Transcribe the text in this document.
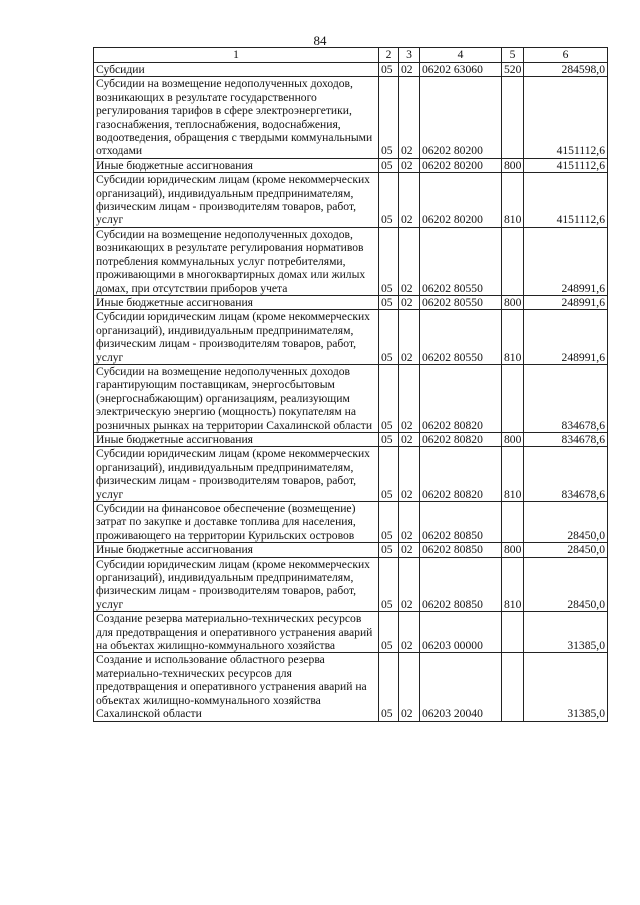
84
1	2	3	4	5	6
Субсидии	05	02	06202 63060	520	284598,0
Субсидии на возмещение недополученных доходов, возникающих в результате государственного регулирования тарифов в сфере электроэнергетики, газоснабжения, теплоснабжения, водоснабжения, водоотведения, обращения с твердыми коммунальными отходами	05	02	06202 80200		4151112,6
Иные бюджетные ассигнования	05	02	06202 80200	800	4151112,6
Субсидии юридическим лицам (кроме некоммерческих организаций), индивидуальным предпринимателям, физическим лицам - производителям товаров, работ, услуг	05	02	06202 80200	810	4151112,6
Субсидии на возмещение недополученных доходов, возникающих в результате регулирования нормативов потребления коммунальных услуг потребителями, проживающими в многоквартирных домах или жилых домах, при отсутствии приборов учета	05	02	06202 80550		248991,6
Иные бюджетные ассигнования	05	02	06202 80550	800	248991,6
Субсидии юридическим лицам (кроме некоммерческих организаций), индивидуальным предпринимателям, физическим лицам - производителям товаров, работ, услуг	05	02	06202 80550	810	248991,6
Субсидии на возмещение недополученных доходов гарантирующим поставщикам, энергосбытовым (энергоснабжающим) организациям, реализующим электрическую энергию (мощность) покупателям на розничных рынках на территории Сахалинской области	05	02	06202 80820		834678,6
Иные бюджетные ассигнования	05	02	06202 80820	800	834678,6
Субсидии юридическим лицам (кроме некоммерческих организаций), индивидуальным предпринимателям, физическим лицам - производителям товаров, работ, услуг	05	02	06202 80820	810	834678,6
Субсидии на финансовое обеспечение (возмещение) затрат по закупке и доставке топлива для населения, проживающего на территории Курильских островов	05	02	06202 80850		28450,0
Иные бюджетные ассигнования	05	02	06202 80850	800	28450,0
Субсидии юридическим лицам (кроме некоммерческих организаций), индивидуальным предпринимателям, физическим лицам - производителям товаров, работ, услуг	05	02	06202 80850	810	28450,0
Создание резерва материально-технических ресурсов для предотвращения и оперативного устранения аварий на объектах жилищно-коммунального хозяйства	05	02	06203 00000		31385,0
Создание и использование областного резерва материально-технических ресурсов для предотвращения и оперативного устранения аварий на объектах жилищно-коммунального хозяйства Сахалинской области	05	02	06203 20040		31385,0
